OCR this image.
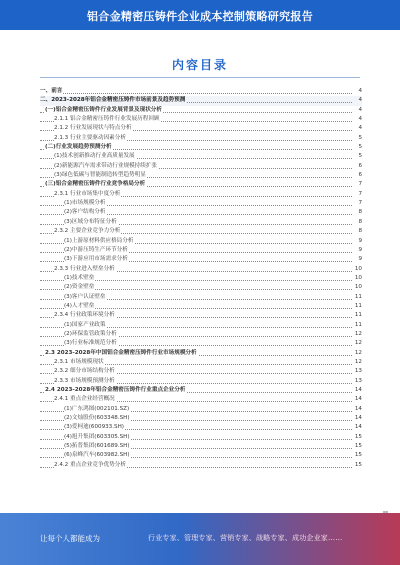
铝合金精密压铸件企业成本控制策略研究报告
内容目录
一、前言	4
二、2023-2028年铝合金精密压铸件市场前景及趋势预测	4
(一)铝合金精密压铸件行业发展背景及现状分析	4
2.1.1 铝合金精密压铸件行业发展历程回顾	4
2.1.2 行业发展现状与特点分析	4
2.1.3 行业主要驱动因素分析	5
(二)行业发展趋势预测分析	5
(1)技术创新推动行业高质量发展	5
(2)新能源汽车需求带动行业规模持续扩张	6
(3)绿色低碳与智能制造转型趋势明显	6
(三)铝合金精密压铸件行业竞争格局分析	7
2.3.1 行业市场集中度分析	7
(1)市场规模分析	7
(2)客户结构分析	8
(3)区域分布特征分析	8
2.3.2 主要企业竞争力分析	8
(1)上游原材料供应格局分析	9
(2)中游压铸生产环节分析	9
(3)下游应用市场需求分析	9
2.3.3 行业进入壁垒分析	10
(1)技术壁垒	10
(2)资金壁垒	10
(3)客户认证壁垒	11
(4)人才壁垒	11
2.3.4 行业政策环境分析	11
(1)国家产业政策	11
(2)环保监管政策分析	12
(3)行业标准规范分析	12
2.3 2023-2028年中国铝合金精密压铸件行业市场规模分析	12
2.3.1 市场规模现状	12
2.3.2 细分市场结构分析	13
2.3.3 市场规模预测分析	13
2.4 2023-2028年铝合金精密压铸件行业重点企业分析	14
2.4.1 重点企业经营概况	14
(1)广东鸿图(002101.SZ)	14
(2)文灿股份(603348.SH)	14
(3)爱柯迪(600933.SH)	14
(4)旭升集团(603305.SH)	15
(5)拓普集团(601689.SH)	15
(6)泉峰汽车(603982.SH)	15
2.4.2 重点企业竞争优势分析	15
让每个人都能成为	行业专家、管理专家、营销专家、战略专家、成功企业家……
